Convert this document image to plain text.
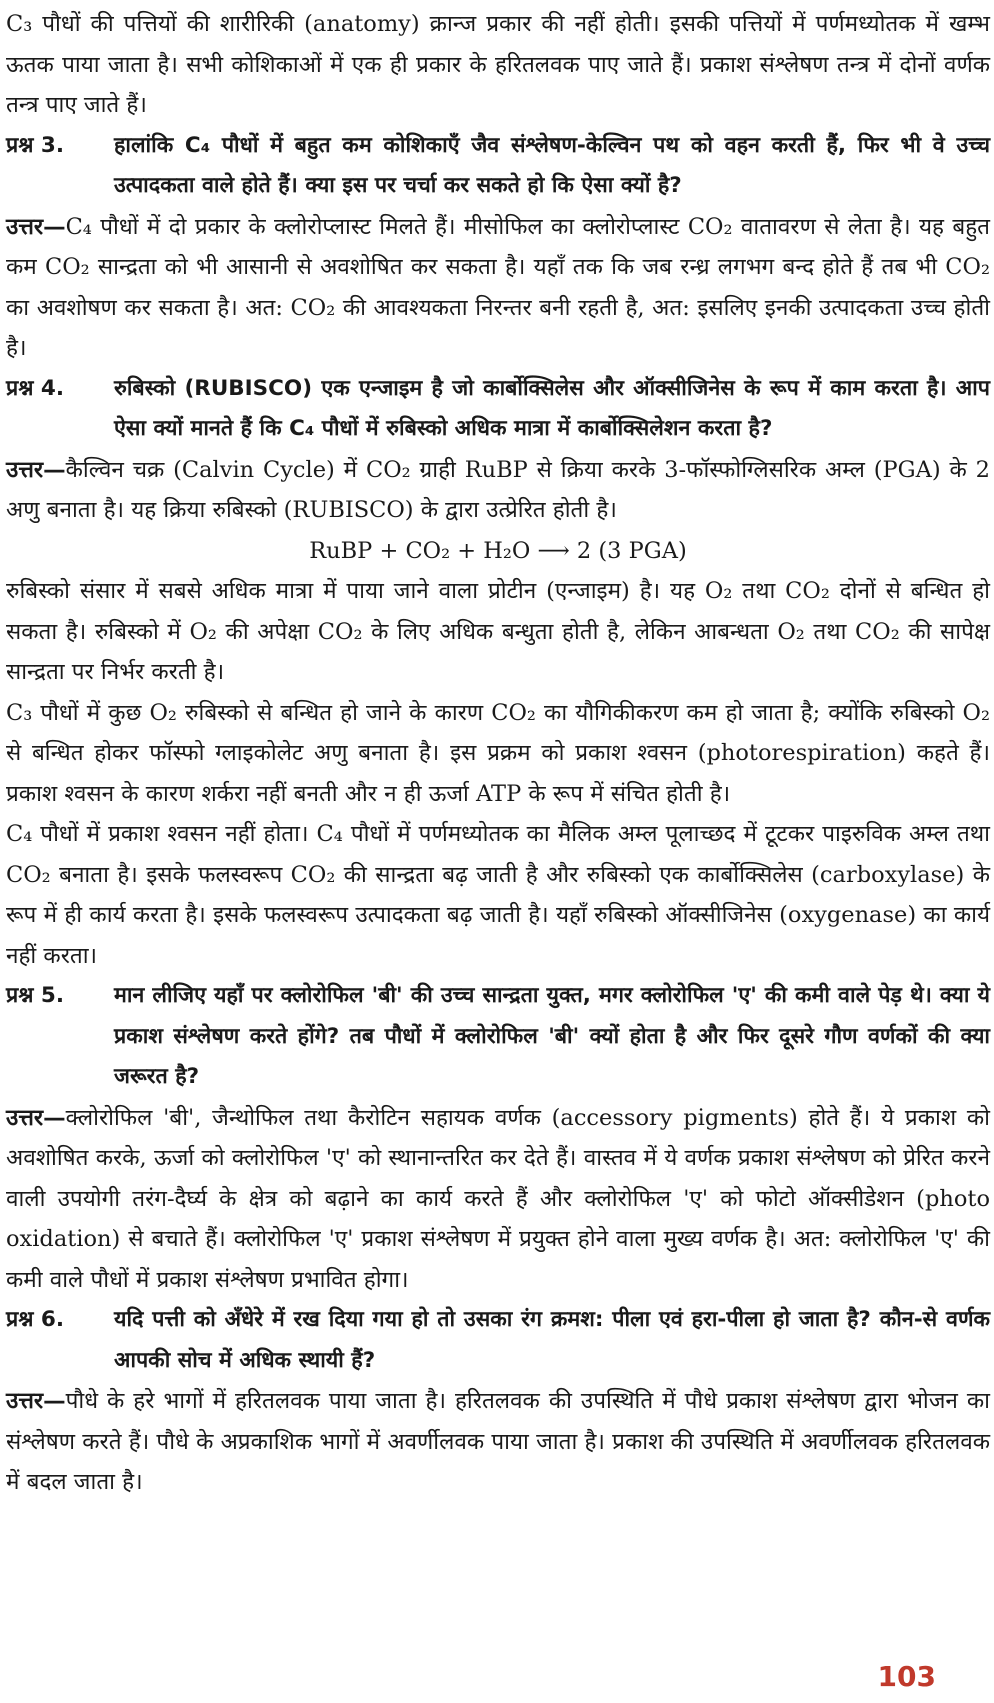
C₃ पौधों की पत्तियों की शारीरिकी (anatomy) क्रान्ज प्रकार की नहीं होती। इसकी पत्तियों में पर्णमध्योतक में खम्भ ऊतक पाया जाता है। सभी कोशिकाओं में एक ही प्रकार के हरितलवक पाए जाते हैं। प्रकाश संश्लेषण तन्त्र में दोनों वर्णक तन्त्र पाए जाते हैं।

प्रश्न 3.	हालांकि C₄ पौधों में बहुत कम कोशिकाएँ जैव संश्लेषण-केल्विन पथ को वहन करती हैं, फिर भी वे उच्च उत्पादकता वाले होते हैं। क्या इस पर चर्चा कर सकते हो कि ऐसा क्यों है?

उत्तर—C₄ पौधों में दो प्रकार के क्लोरोप्लास्ट मिलते हैं। मीसोफिल का क्लोरोप्लास्ट CO₂ वातावरण से लेता है। यह बहुत कम CO₂ सान्द्रता को भी आसानी से अवशोषित कर सकता है। यहाँ तक कि जब रन्ध्र लगभग बन्द होते हैं तब भी CO₂ का अवशोषण कर सकता है। अत: CO₂ की आवश्यकता निरन्तर बनी रहती है, अत: इसलिए इनकी उत्पादकता उच्च होती है।

प्रश्न 4.	रुबिस्को (RUBISCO) एक एन्जाइम है जो कार्बोक्सिलेस और ऑक्सीजिनेस के रूप में काम करता है। आप ऐसा क्यों मानते हैं कि C₄ पौधों में रुबिस्को अधिक मात्रा में कार्बोक्सिलेशन करता है?

उत्तर—कैल्विन चक्र (Calvin Cycle) में CO₂ ग्राही RuBP से क्रिया करके 3-फॉस्फोग्लिसरिक अम्ल (PGA) के 2 अणु बनाता है। यह क्रिया रुबिस्को (RUBISCO) के द्वारा उत्प्रेरित होती है।

RuBP + CO₂ + H₂O ⟶ 2 (3 PGA)

रुबिस्को संसार में सबसे अधिक मात्रा में पाया जाने वाला प्रोटीन (एन्जाइम) है। यह O₂ तथा CO₂ दोनों से बन्धित हो सकता है। रुबिस्को में O₂ की अपेक्षा CO₂ के लिए अधिक बन्धुता होती है, लेकिन आबन्धता O₂ तथा CO₂ की सापेक्ष सान्द्रता पर निर्भर करती है।

C₃ पौधों में कुछ O₂ रुबिस्को से बन्धित हो जाने के कारण CO₂ का यौगिकीकरण कम हो जाता है; क्योंकि रुबिस्को O₂ से बन्धित होकर फॉस्फो ग्लाइकोलेट अणु बनाता है। इस प्रक्रम को प्रकाश श्वसन (photorespiration) कहते हैं। प्रकाश श्वसन के कारण शर्करा नहीं बनती और न ही ऊर्जा ATP के रूप में संचित होती है।

C₄ पौधों में प्रकाश श्वसन नहीं होता। C₄ पौधों में पर्णमध्योतक का मैलिक अम्ल पूलाच्छद में टूटकर पाइरुविक अम्ल तथा CO₂ बनाता है। इसके फलस्वरूप CO₂ की सान्द्रता बढ़ जाती है और रुबिस्को एक कार्बोक्सिलेस (carboxylase) के रूप में ही कार्य करता है। इसके फलस्वरूप उत्पादकता बढ़ जाती है। यहाँ रुबिस्को ऑक्सीजिनेस (oxygenase) का कार्य नहीं करता।

प्रश्न 5.	मान लीजिए यहाँ पर क्लोरोफिल 'बी' की उच्च सान्द्रता युक्त, मगर क्लोरोफिल 'ए' की कमी वाले पेड़ थे। क्या ये प्रकाश संश्लेषण करते होंगे? तब पौधों में क्लोरोफिल 'बी' क्यों होता है और फिर दूसरे गौण वर्णकों की क्या जरूरत है?

उत्तर—क्लोरोफिल 'बी', जैन्थोफिल तथा कैरोटिन सहायक वर्णक (accessory pigments) होते हैं। ये प्रकाश को अवशोषित करके, ऊर्जा को क्लोरोफिल 'ए' को स्थानान्तरित कर देते हैं। वास्तव में ये वर्णक प्रकाश संश्लेषण को प्रेरित करने वाली उपयोगी तरंग-दैर्घ्य के क्षेत्र को बढ़ाने का कार्य करते हैं और क्लोरोफिल 'ए' को फोटो ऑक्सीडेशन (photo oxidation) से बचाते हैं। क्लोरोफिल 'ए' प्रकाश संश्लेषण में प्रयुक्त होने वाला मुख्य वर्णक है। अत: क्लोरोफिल 'ए' की कमी वाले पौधों में प्रकाश संश्लेषण प्रभावित होगा।

प्रश्न 6.	यदि पत्ती को अँधेरे में रख दिया गया हो तो उसका रंग क्रमश: पीला एवं हरा-पीला हो जाता है? कौन-से वर्णक आपकी सोच में अधिक स्थायी हैं?

उत्तर—पौधे के हरे भागों में हरितलवक पाया जाता है। हरितलवक की उपस्थिति में पौधे प्रकाश संश्लेषण द्वारा भोजन का संश्लेषण करते हैं। पौधे के अप्रकाशिक भागों में अवर्णीलवक पाया जाता है। प्रकाश की उपस्थिति में अवर्णीलवक हरितलवक में बदल जाता है।

103
